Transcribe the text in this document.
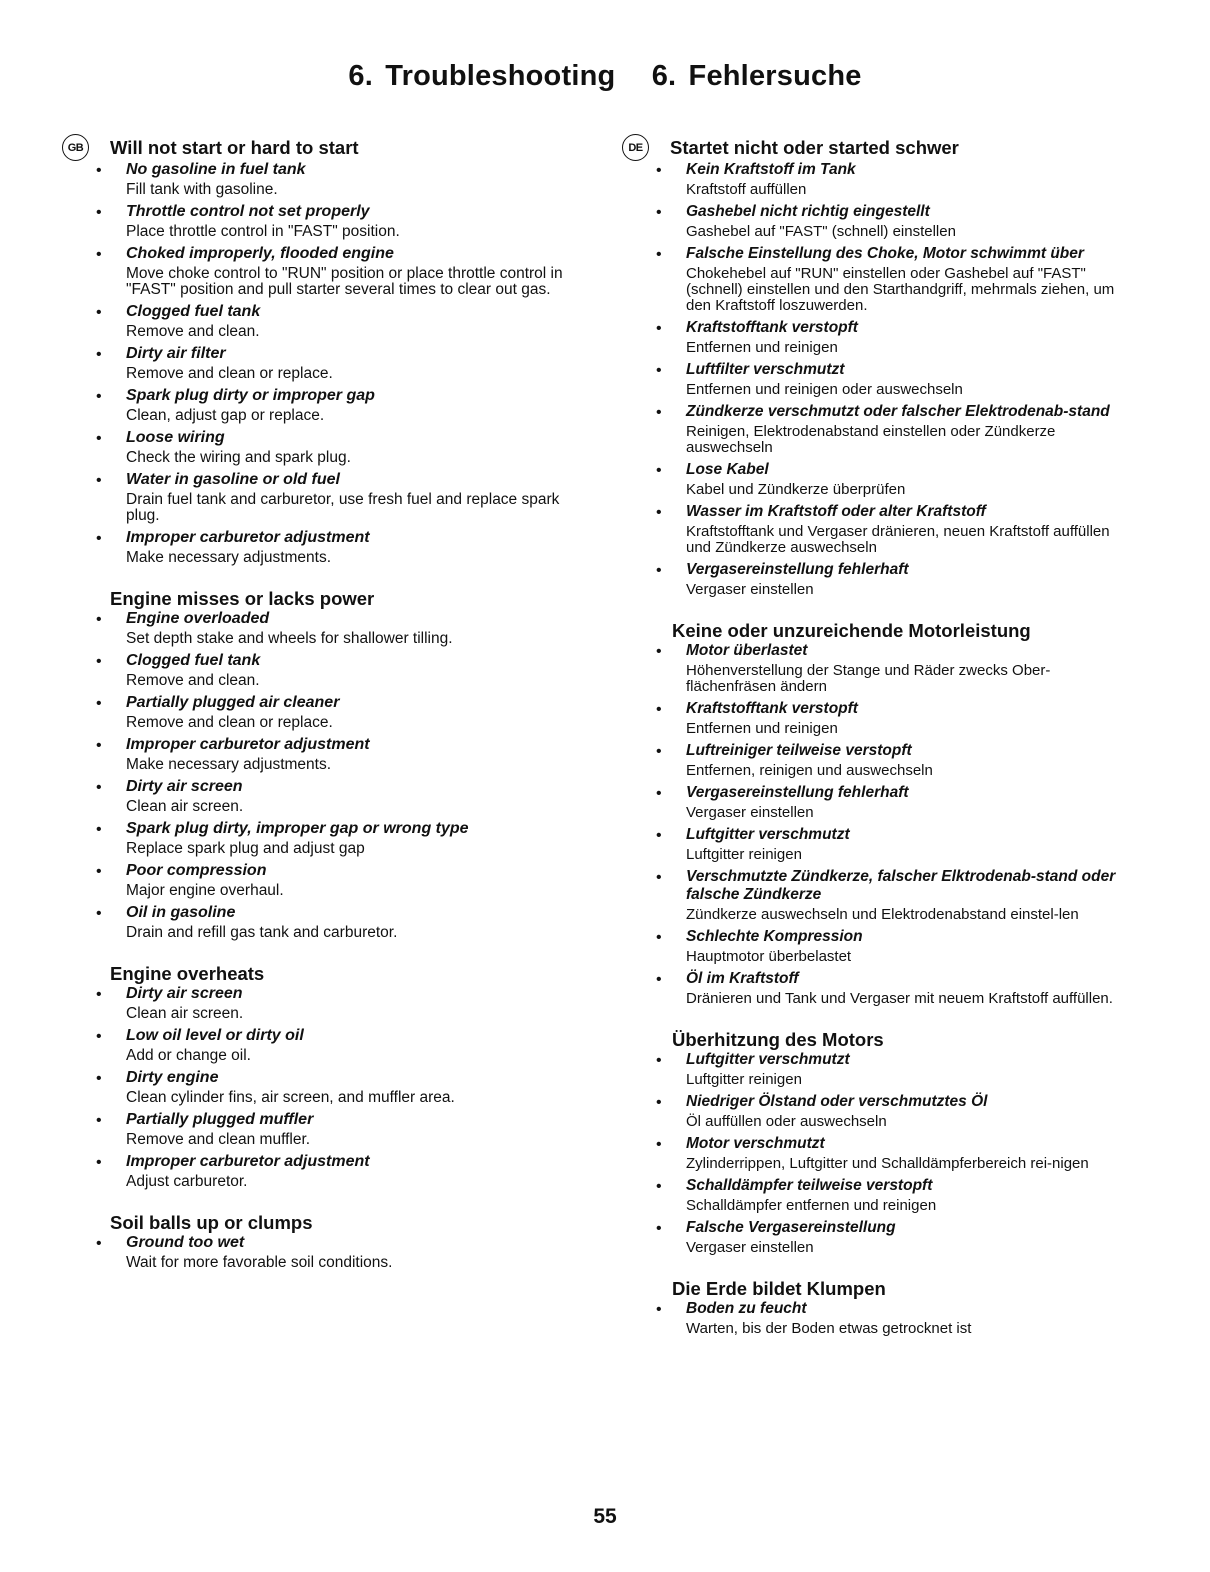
6. Troubleshooting 6. Fehlersuche
GB	Will not start or hard to start
• No gasoline in fuel tank
Fill tank with gasoline.
• Throttle control not set properly
Place throttle control in "FAST" position.
• Choked improperly, flooded engine
Move choke control to "RUN" position or place throttle control in "FAST" position and pull starter several times to clear out gas.
• Clogged fuel tank
Remove and clean.
• Dirty air filter
Remove and clean or replace.
• Spark plug dirty or improper gap
Clean, adjust gap or replace.
• Loose wiring
Check the wiring and spark plug.
• Water in gasoline or old fuel
Drain fuel tank and carburetor, use fresh fuel and replace spark plug.
• Improper carburetor adjustment
Make necessary adjustments.
Engine misses or lacks power
• Engine overloaded
Set depth stake and wheels for shallower tilling.
• Clogged fuel tank
Remove and clean.
• Partially plugged air cleaner
Remove and clean or replace.
• Improper carburetor adjustment
Make necessary adjustments.
• Dirty air screen
Clean air screen.
• Spark plug dirty, improper gap or wrong type
Replace spark plug and adjust gap
• Poor compression
Major engine overhaul.
• Oil in gasoline
Drain and refill gas tank and carburetor.
Engine overheats
• Dirty air screen
Clean air screen.
• Low oil level or dirty oil
Add or change oil.
• Dirty engine
Clean cylinder fins, air screen, and muffler area.
• Partially plugged muffler
Remove and clean muffler.
• Improper carburetor adjustment
Adjust carburetor.
Soil balls up or clumps
• Ground too wet
Wait for more favorable soil conditions.
DE	Startet nicht oder started schwer
• Kein Kraftstoff im Tank
Kraftstoff auffüllen
• Gashebel nicht richtig eingestellt
Gashebel auf "FAST" (schnell) einstellen
• Falsche Einstellung des Choke, Motor schwimmt über
Chokehebel auf "RUN" einstellen oder Gashebel auf "FAST" (schnell) einstellen und den Starthandgriff, mehrmals ziehen, um den Kraftstoff loszuwerden.
• Kraftstofftank verstopft
Entfernen und reinigen
• Luftfilter verschmutzt
Entfernen und reinigen oder auswechseln
• Zündkerze verschmutzt oder falscher Elektrodenab-stand
Reinigen, Elektrodenabstand einstellen oder Zündkerze auswechseln
• Lose Kabel
Kabel und Zündkerze überprüfen
• Wasser im Kraftstoff oder alter Kraftstoff
Kraftstofftank und Vergaser dränieren, neuen Kraftstoff auffüllen und Zündkerze auswechseln
• Vergasereinstellung fehlerhaft
Vergaser einstellen
Keine oder unzureichende Motorleistung
• Motor überlastet
Höhenverstellung der Stange und Räder zwecks Ober-flächenfräsen ändern
• Kraftstofftank verstopft
Entfernen und reinigen
• Luftreiniger teilweise verstopft
Entfernen, reinigen und auswechseln
• Vergasereinstellung fehlerhaft
Vergaser einstellen
• Luftgitter verschmutzt
Luftgitter reinigen
• Verschmutzte Zündkerze, falscher Elktrodenab-stand oder falsche Zündkerze
Zündkerze auswechseln und Elektrodenabstand einstel-len
• Schlechte Kompression
Hauptmotor überbelastet
• Öl im Kraftstoff
Dränieren und Tank und Vergaser mit neuem Kraftstoff auffüllen.
Überhitzung des Motors
• Luftgitter verschmutzt
Luftgitter reinigen
• Niedriger Ölstand oder verschmutztes Öl
Öl auffüllen oder auswechseln
• Motor verschmutzt
Zylinderrippen, Luftgitter und Schalldämpferbereich rei-nigen
• Schalldämpfer teilweise verstopft
Schalldämpfer entfernen und reinigen
• Falsche Vergasereinstellung
Vergaser einstellen
Die Erde bildet Klumpen
• Boden zu feucht
Warten, bis der Boden etwas getrocknet ist
55
